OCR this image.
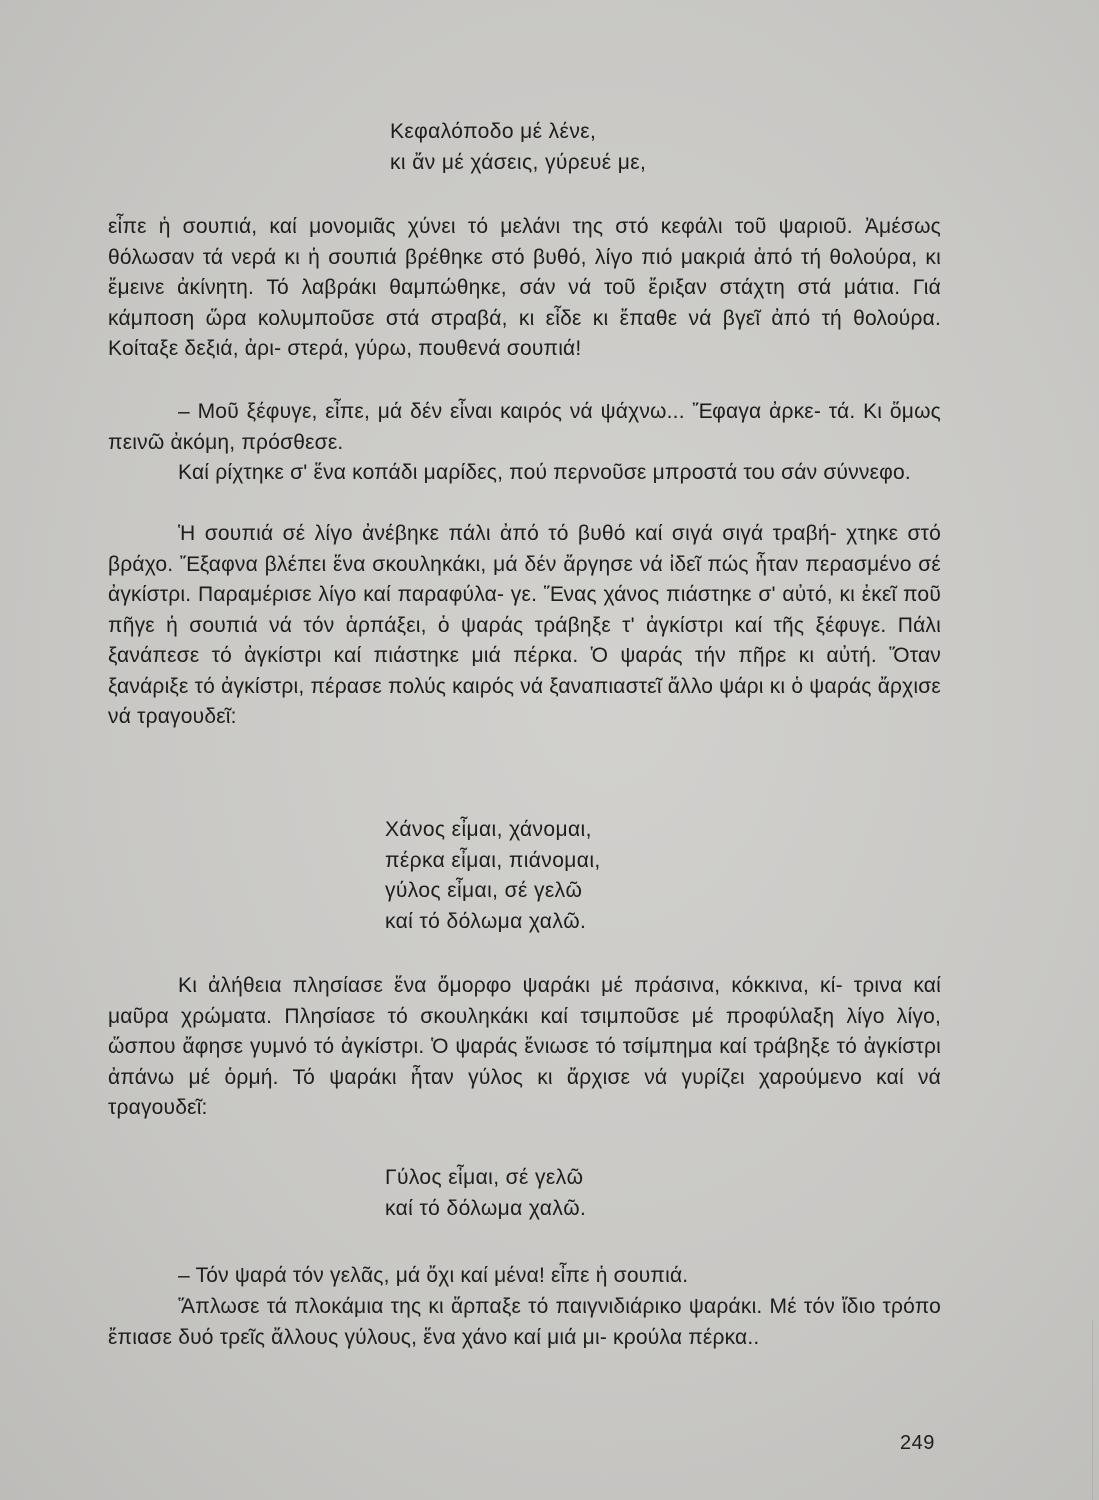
Κεφαλόποδο μέ λένε,
κι ἄν μέ χάσεις, γύρευέ με,
εἶπε ἡ σουπιά, καί μονομιᾶς χύνει τό μελάνι της στό κεφάλι τοῦ ψαριοῦ. Ἀμέσως θόλωσαν τά νερά κι ἡ σουπιά βρέθηκε στό βυθό, λίγο πιό μακριά ἀπό τή θολούρα, κι ἔμεινε ἀκίνητη. Τό λαβράκι θαμπώθηκε, σάν νά τοῦ ἔριξαν στάχτη στά μάτια. Γιά κάμποση ὥρα κολυμποῦσε στά στραβά, κι εἶδε κι ἔπαθε νά βγεῖ ἀπό τή θολούρα. Κοίταξε δεξιά, ἀρι- στερά, γύρω, πουθενά σουπιά!
– Μοῦ ξέφυγε, εἶπε, μά δέν εἶναι καιρός νά ψάχνω... Ἔφαγα ἀρκε- τά. Κι ὅμως πεινῶ ἀκόμη, πρόσθεσε.
Καί ρίχτηκε σ' ἕνα κοπάδι μαρίδες, πού περνοῦσε μπροστά του σάν σύννεφο.
Ἡ σουπιά σέ λίγο ἀνέβηκε πάλι ἀπό τό βυθό καί σιγά σιγά τραβή- χτηκε στό βράχο. Ἔξαφνα βλέπει ἕνα σκουληκάκι, μά δέν ἄργησε νά ἰδεῖ πώς ἦταν περασμένο σέ ἀγκίστρι. Παραμέρισε λίγο καί παραφύλα- γε. Ἕνας χάνος πιάστηκε σ' αὐτό, κι ἐκεῖ ποῦ πῆγε ἡ σουπιά νά τόν ἁρπάξει, ὁ ψαράς τράβηξε τ' ἀγκίστρι καί τῆς ξέφυγε. Πάλι ξανάπεσε τό ἀγκίστρι καί πιάστηκε μιά πέρκα. Ὁ ψαράς τήν πῆρε κι αὐτή. Ὅταν ξανάριξε τό ἀγκίστρι, πέρασε πολύς καιρός νά ξαναπιαστεῖ ἄλλο ψάρι κι ὁ ψαράς ἄρχισε νά τραγουδεῖ:
Χάνος εἶμαι, χάνομαι,
πέρκα εἶμαι, πιάνομαι,
γύλος εἶμαι, σέ γελῶ
καί τό δόλωμα χαλῶ.
Κι ἀλήθεια πλησίασε ἕνα ὄμορφο ψαράκι μέ πράσινα, κόκκινα, κί- τρινα καί μαῦρα χρώματα. Πλησίασε τό σκουληκάκι καί τσιμποῦσε μέ προφύλαξη λίγο λίγο, ὥσπου ἄφησε γυμνό τό ἀγκίστρι. Ὁ ψαράς ἔνιωσε τό τσίμπημα καί τράβηξε τό ἀγκίστρι ἀπάνω μέ ὁρμή. Τό ψαράκι ἦταν γύλος κι ἄρχισε νά γυρίζει χαρούμενο καί νά τραγουδεῖ:
Γύλος εἶμαι, σέ γελῶ
καί τό δόλωμα χαλῶ.
– Τόν ψαρά τόν γελᾶς, μά ὄχι καί μένα! εἶπε ἡ σουπιά.
Ἅπλωσε τά πλοκάμια της κι ἅρπαξε τό παιγνιδιάρικο ψαράκι. Μέ τόν ἴδιο τρόπο ἔπιασε δυό τρεῖς ἄλλους γύλους, ἕνα χάνο καί μιά μι- κρούλα πέρκα..
249
